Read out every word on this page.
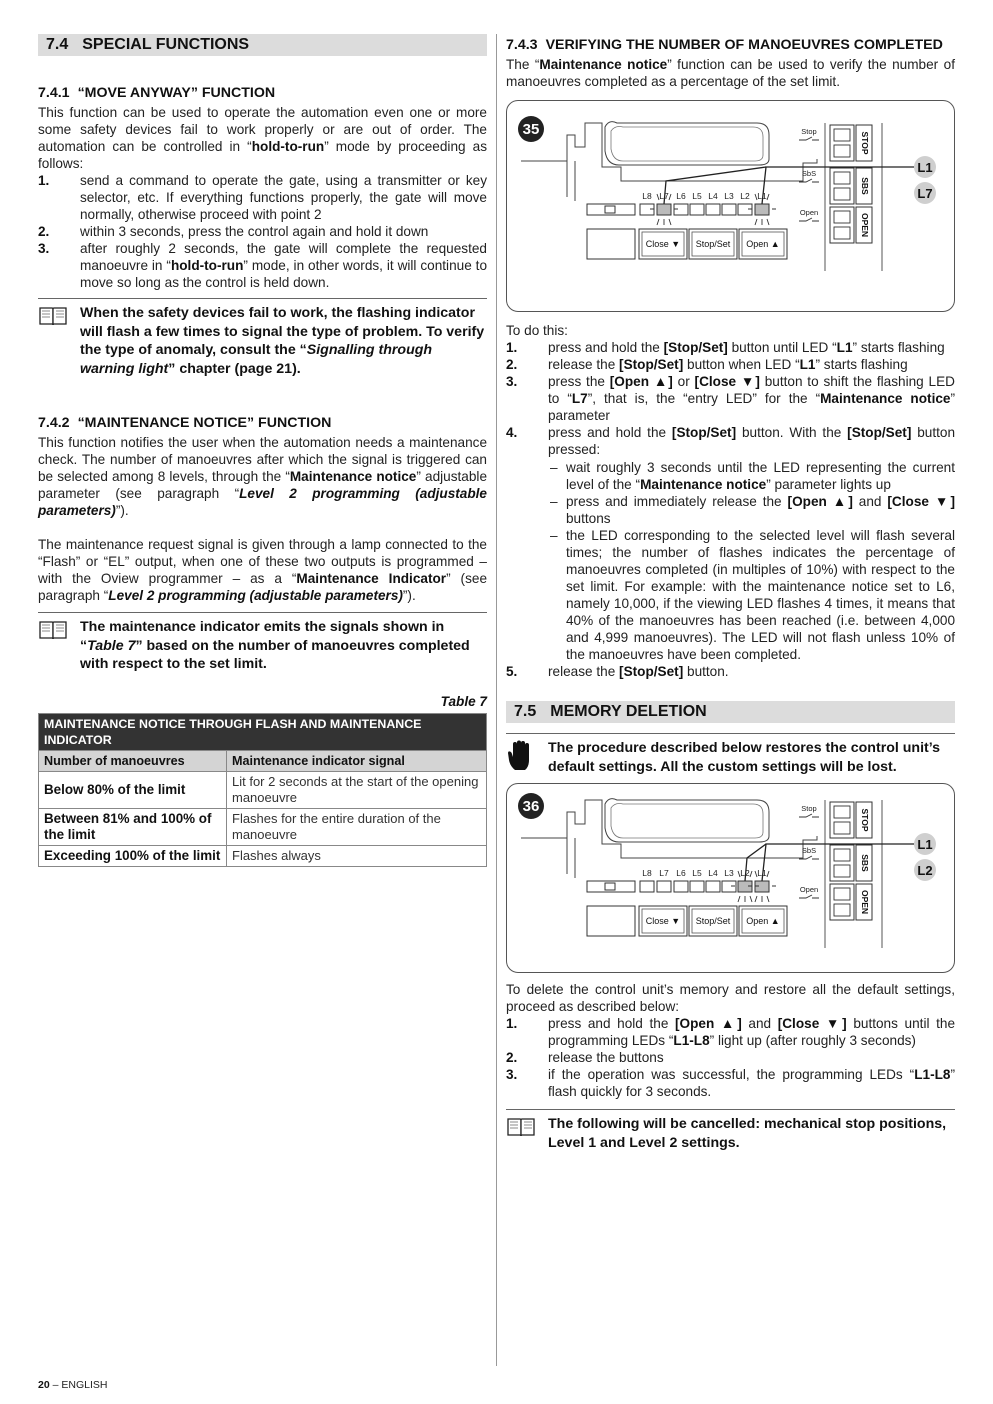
7.4 SPECIAL FUNCTIONS
7.4.1 “MOVE ANYWAY” FUNCTION

This function can be used to operate the automation even one or more some safety devices fail to work properly or are out of order. The automation can be controlled in “hold-to-run” mode by proceeding as follows:

1.	send a command to operate the gate, using a transmitter or key selector, etc. If everything functions properly, the gate will move normally, otherwise proceed with point 2
2.	within 3 seconds, press the control again and hold it down
3.	after roughly 2 seconds, the gate will complete the requested manoeuvre in “hold-to-run” mode, in other words, it will continue to move so long as the control is held down.
When the safety devices fail to work, the flashing indicator will flash a few times to signal the type of problem. To verify the type of anomaly, consult the “Signalling through warning light” chapter (page 21).
7.4.2 “MAINTENANCE NOTICE” FUNCTION

This function notifies the user when the automation needs a maintenance check. The number of manoeuvres after which the signal is triggered can be selected among 8 levels, through the “Maintenance notice” adjustable parameter (see paragraph “Level 2 programming (adjustable parameters)”).

The maintenance request signal is given through a lamp connected to the “Flash” or “EL” output, when one of these two outputs is programmed – with the Oview programmer – as a “Maintenance Indicator” (see paragraph “Level 2 programming (adjustable parameters)”).

The maintenance indicator emits the signals shown in “Table 7” based on the number of manoeuvres completed with respect to the set limit.
Table 7
MAINTENANCE NOTICE THROUGH FLASH AND MAINTENANCE INDICATOR	
Number of manoeuvres	Maintenance indicator signal
Below 80% of the limit	Lit for 2 seconds at the start of the opening manoeuvre
Between 81% and 100% of the limit	Flashes for the entire duration of the manoeuvre
Exceeding 100% of the limit	Flashes always
7.4.3 VERIFYING THE NUMBER OF MANOEUVRES COMPLETED

The “Maintenance notice” function can be used to verify the number of manoeuvres completed as a percentage of the set limit.

35
L8 L7 L6 L5 L4 L3 L2 L1
Close ▼ Stop/Set Open ▲
Stop
SbS
Open
STOP
SBS
OPEN
L1
L7

To do this:

1.	press and hold the [Stop/Set] button until LED “L1” starts flashing
2.	release the [Stop/Set] button when LED “L1” starts flashing
3.	press the [Open ▲] or [Close ▼] button to shift the flashing LED to “L7”, that is, the “entry LED” for the “Maintenance notice” parameter
4.	press and hold the [Stop/Set] button. With the [Stop/Set] button pressed:
– wait roughly 3 seconds until the LED representing the current level of the “Maintenance notice” parameter lights up
– press and immediately release the [Open ▲] and [Close ▼] buttons
– the LED corresponding to the selected level will flash several times; the number of flashes indicates the percentage of manoeuvres completed (in multiples of 10%) with respect to the set limit. For example: with the maintenance notice set to L6, namely 10,000, if the viewing LED flashes 4 times, it means that 40% of the manoeuvres has been reached (i.e. between 4,000 and 4,999 manoeuvres). The LED will not flash unless 10% of the manoeuvres have been completed.
5.	release the [Stop/Set] button.
7.5 MEMORY DELETION
The procedure described below restores the control unit’s default settings. All the custom settings will be lost.
36
L8 L7 L6 L5 L4 L3 L2 L1
Close ▼ Stop/Set Open ▲
Stop
SbS
Open
STOP
SBS
OPEN
L1
L2

To delete the control unit’s memory and restore all the default settings, proceed as described below:

1.	press and hold the [Open ▲] and [Close ▼] buttons until the programming LEDs “L1-L8” light up (after roughly 3 seconds)
2.	release the buttons
3.	if the operation was successful, the programming LEDs “L1-L8” flash quickly for 3 seconds.
The following will be cancelled: mechanical stop positions, Level 1 and Level 2 settings.
20 – ENGLISH
